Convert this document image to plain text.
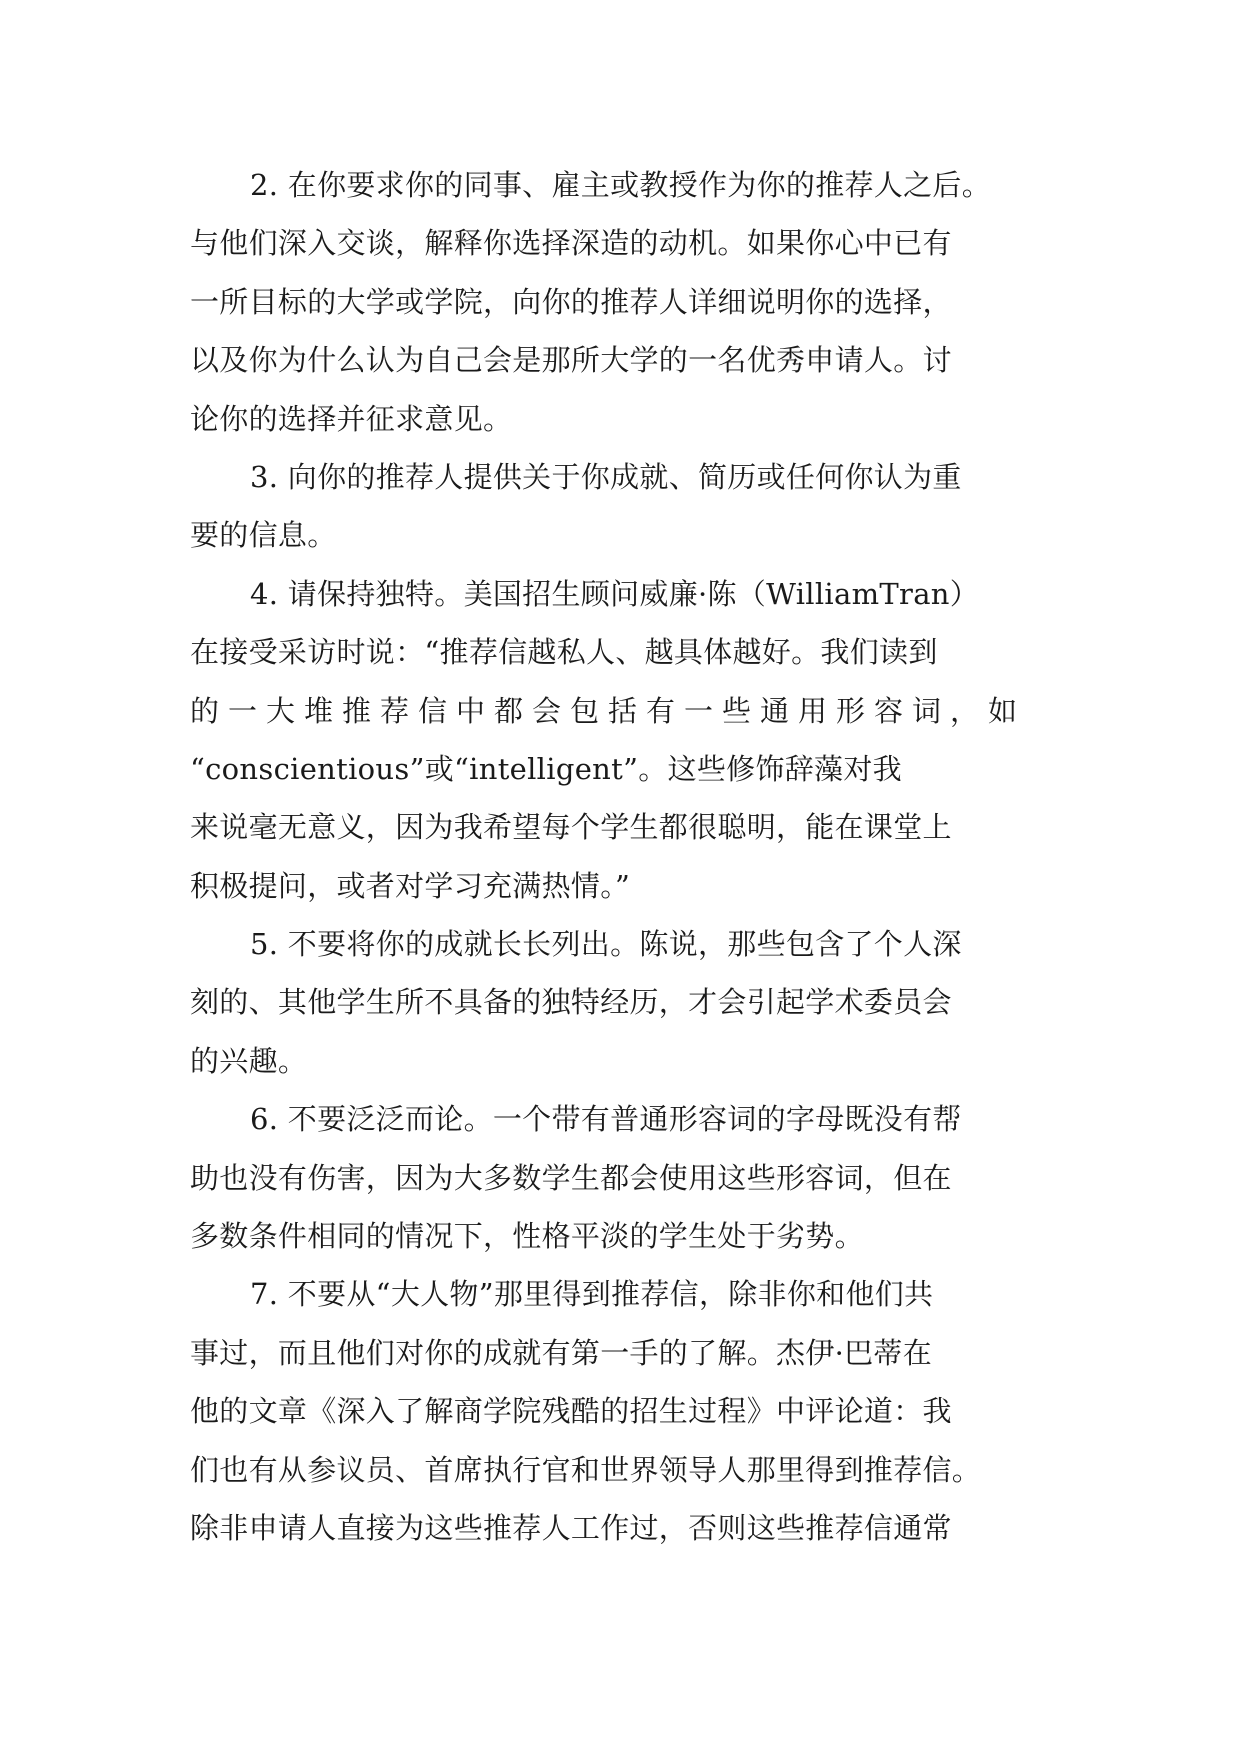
2. 在你要求你的同事、雇主或教授作为你的推荐人之后。
与他们深入交谈，解释你选择深造的动机。如果你心中已有
一所目标的大学或学院，向你的推荐人详细说明你的选择，
以及你为什么认为自己会是那所大学的一名优秀申请人。讨
论你的选择并征求意见。
3. 向你的推荐人提供关于你成就、简历或任何你认为重
要的信息。
4. 请保持独特。美国招生顾问威廉·陈（WilliamTran）
在接受采访时说：“推荐信越私人、越具体越好。我们读到
的一大堆推荐信中都会包括有一些通用形容词，如
“conscientious”或“intelligent”。这些修饰辞藻对我
来说毫无意义，因为我希望每个学生都很聪明，能在课堂上
积极提问，或者对学习充满热情。”
5. 不要将你的成就长长列出。陈说，那些包含了个人深
刻的、其他学生所不具备的独特经历，才会引起学术委员会
的兴趣。
6. 不要泛泛而论。一个带有普通形容词的字母既没有帮
助也没有伤害，因为大多数学生都会使用这些形容词，但在
多数条件相同的情况下，性格平淡的学生处于劣势。
7. 不要从“大人物”那里得到推荐信，除非你和他们共
事过，而且他们对你的成就有第一手的了解。杰伊·巴蒂在
他的文章《深入了解商学院残酷的招生过程》中评论道：我
们也有从参议员、首席执行官和世界领导人那里得到推荐信。
除非申请人直接为这些推荐人工作过，否则这些推荐信通常
